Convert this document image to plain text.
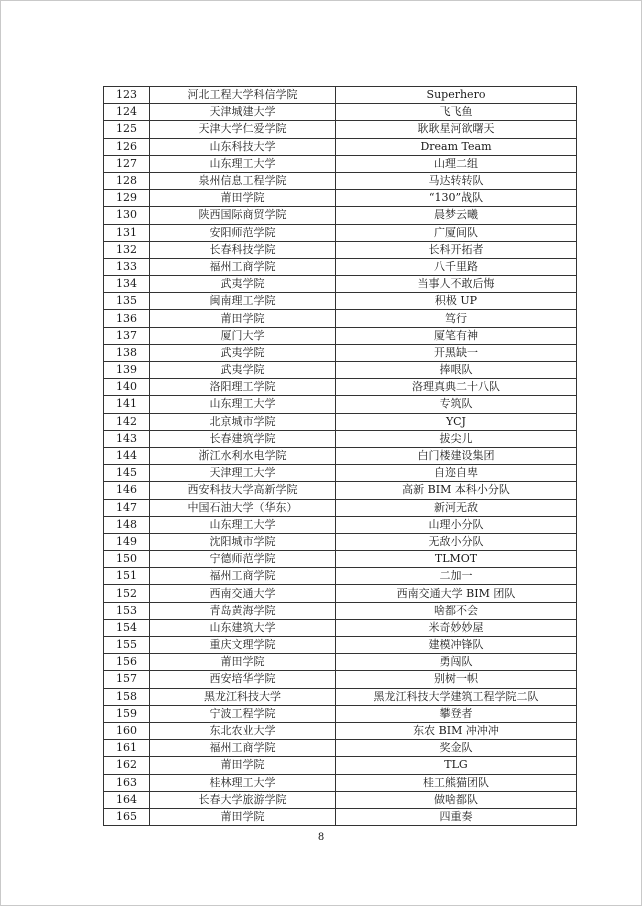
123	河北工程大学科信学院	Superhero
124	天津城建大学	飞飞鱼
125	天津大学仁爱学院	耿耿星河欲曙天
126	山东科技大学	Dream Team
127	山东理工大学	山理二组
128	泉州信息工程学院	马达转转队
129	莆田学院	“130”战队
130	陕西国际商贸学院	晨梦云曦
131	安阳师范学院	广厦间队
132	长春科技学院	长科开拓者
133	福州工商学院	八千里路
134	武夷学院	当事人不敢后悔
135	闽南理工学院	积极 UP
136	莆田学院	笃行
137	厦门大学	厦笔有神
138	武夷学院	开黑缺一
139	武夷学院	捧哏队
140	洛阳理工学院	洛理真典二十八队
141	山东理工大学	专筑队
142	北京城市学院	YCJ
143	长春建筑学院	拔尖儿
144	浙江水利水电学院	白门楼建设集团
145	天津理工大学	自迩自卑
146	西安科技大学高新学院	高新 BIM 本科小分队
147	中国石油大学（华东）	新河无敌
148	山东理工大学	山理小分队
149	沈阳城市学院	无敌小分队
150	宁德师范学院	TLMOT
151	福州工商学院	二加一
152	西南交通大学	西南交通大学 BIM 团队
153	青岛黄海学院	啥都不会
154	山东建筑大学	米奇妙妙屋
155	重庆文理学院	建模冲锋队
156	莆田学院	勇闯队
157	西安培华学院	别树一帜
158	黑龙江科技大学	黑龙江科技大学建筑工程学院二队
159	宁波工程学院	攀登者
160	东北农业大学	东农 BIM 冲冲冲
161	福州工商学院	奖金队
162	莆田学院	TLG
163	桂林理工大学	桂工熊猫团队
164	长春大学旅游学院	做啥都队
165	莆田学院	四重奏
8
